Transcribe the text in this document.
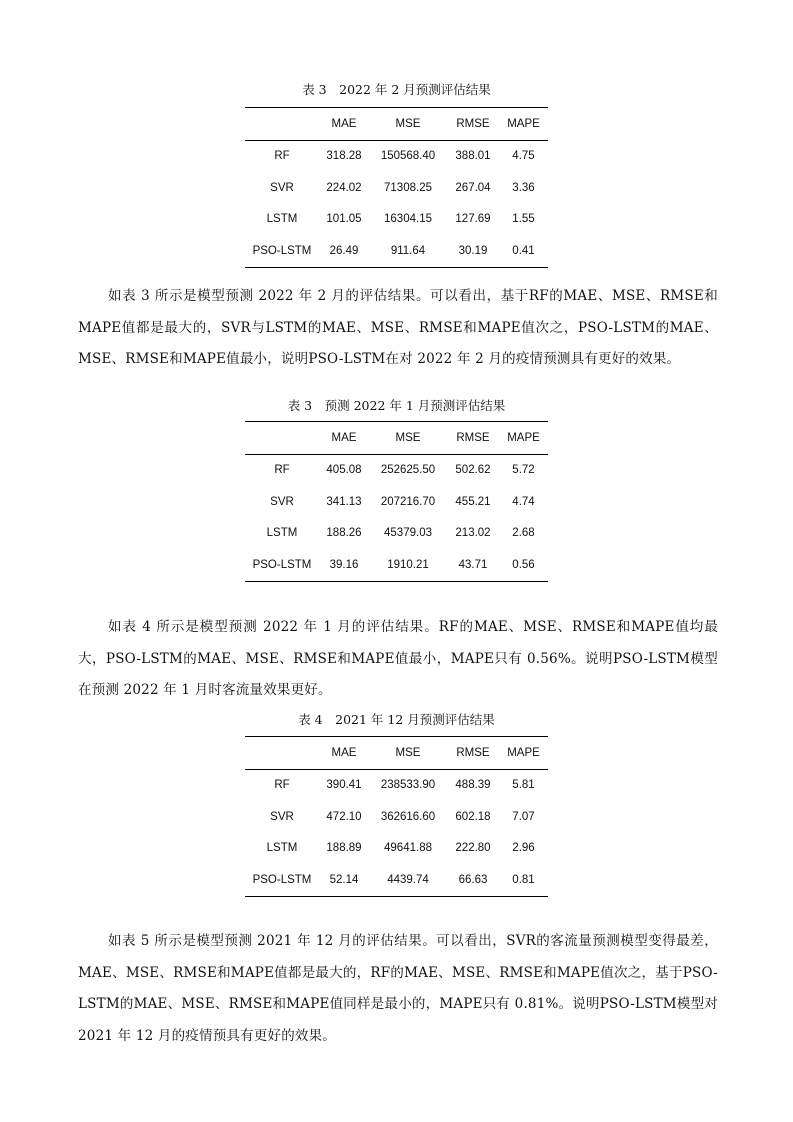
表 3　2022 年 2 月预测评估结果
	MAE	MSE	RMSE	MAPE
RF	318.28	150568.40	388.01	4.75
SVR	224.02	71308.25	267.04	3.36
LSTM	101.05	16304.15	127.69	1.55
PSO-LSTM	26.49	911.64	30.19	0.41

如表 3 所示是模型预测 2022 年 2 月的评估结果。可以看出，基于RF的MAE、MSE、RMSE和MAPE值都是最大的，SVR与LSTM的MAE、MSE、RMSE和MAPE值次之，PSO-LSTM的MAE、MSE、RMSE和MAPE值最小，说明PSO-LSTM在对 2022 年 2 月的疫情预测具有更好的效果。

表 3　预测 2022 年 1 月预测评估结果
	MAE	MSE	RMSE	MAPE
RF	405.08	252625.50	502.62	5.72
SVR	341.13	207216.70	455.21	4.74
LSTM	188.26	45379.03	213.02	2.68
PSO-LSTM	39.16	1910.21	43.71	0.56

如表 4 所示是模型预测 2022 年 1 月的评估结果。RF的MAE、MSE、RMSE和MAPE值均最大，PSO-LSTM的MAE、MSE、RMSE和MAPE值最小，MAPE只有 0.56%。说明PSO-LSTM模型在预测 2022 年 1 月时客流量效果更好。

表 4　2021 年 12 月预测评估结果
	MAE	MSE	RMSE	MAPE
RF	390.41	238533.90	488.39	5.81
SVR	472.10	362616.60	602.18	7.07
LSTM	188.89	49641.88	222.80	2.96
PSO-LSTM	52.14	4439.74	66.63	0.81

如表 5 所示是模型预测 2021 年 12 月的评估结果。可以看出，SVR的客流量预测模型变得最差，MAE、MSE、RMSE和MAPE值都是最大的，RF的MAE、MSE、RMSE和MAPE值次之，基于PSO-LSTM的MAE、MSE、RMSE和MAPE值同样是最小的，MAPE只有 0.81%。说明PSO-LSTM模型对 2021 年 12 月的疫情预具有更好的效果。
